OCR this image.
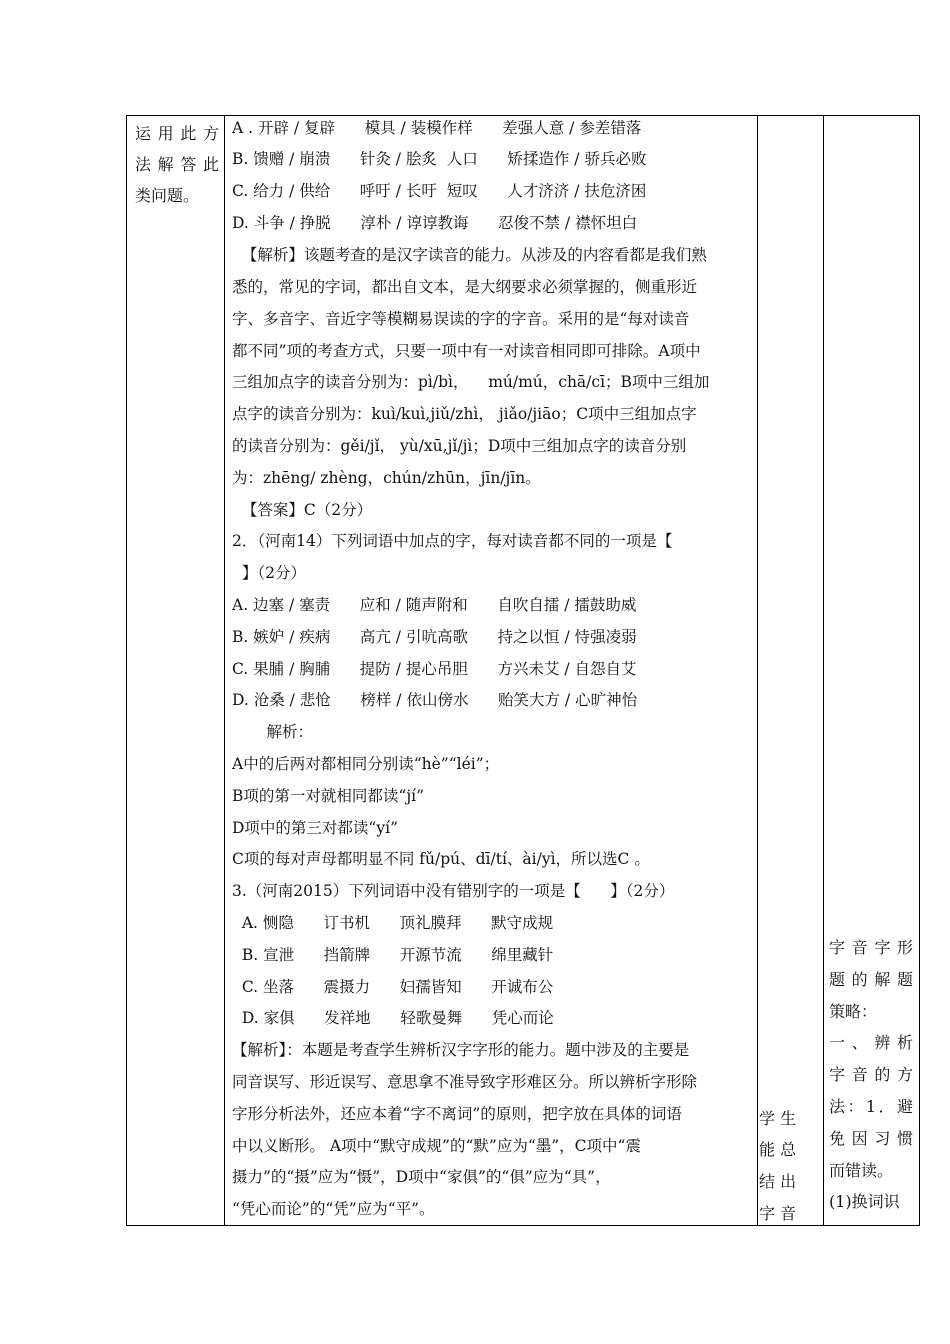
运用此方
法解答此
类问题。
A . 开辟 / 复辟      模具 / 装模作样      差强人意 / 参差错落
B. 馈赠 / 崩溃      针灸 / 脍炙  人口      矫揉造作 / 骄兵必败
C. 给力 / 供给      呼吁 / 长吁  短叹      人才济济 / 扶危济困
D. 斗争 / 挣脱      淳朴 / 谆谆教诲      忍俊不禁 / 襟怀坦白
【解析】该题考查的是汉字读音的能力。从涉及的内容看都是我们熟
悉的，常见的字词，都出自文本，是大纲要求必须掌握的，侧重形近
字、多音字、音近字等模糊易误读的字的字音。采用的是“每对读音
都不同”项的考查方式，只要一项中有一对读音相同即可排除。A项中
三组加点字的读音分别为：pì/bì，    mú/mú，chā/cī；B项中三组加
点字的读音分别为：kuì/kuì,jiǔ/zhì， jiǎo/jiāo；C项中三组加点字
的读音分别为：gěi/jǐ， yù/xū,jǐ/jì；D项中三组加点字的读音分别
为：zhēng/ zhèng，chún/zhūn，jīn/jīn。
【答案】C（2分）
2．（河南14）下列词语中加点的字，每对读音都不同的一项是【
】（2分）
A. 边塞 / 塞责      应和 / 随声附和      自吹自擂 / 擂鼓助威
B. 嫉妒 / 疾病      高亢 / 引吭高歌      持之以恒 / 恃强凌弱
C. 果脯 / 胸脯      提防 / 提心吊胆      方兴未艾 / 自怨自艾
D. 沧桑 / 悲怆      榜样 / 依山傍水      贻笑大方 / 心旷神怡
解析：
A中的后两对都相同分别读“hè”“léi”；
B项的第一对就相同都读“jí”
D项中的第三对都读“yí”
C项的每对声母都明显不同 fǔ/pú、dī/tí、ài/yì，所以选C 。
3.（河南2015）下列词语中没有错别字的一项是【      】（2分）
A. 恻隐      订书机      顶礼膜拜      默守成规
B. 宣泄      挡箭牌      开源节流      绵里藏针
C. 坐落      震摄力      妇孺皆知      开诚布公
D. 家俱      发祥地      轻歌曼舞      凭心而论
【解析】：本题是考查学生辨析汉字字形的能力。题中涉及的主要是
同音误写、形近误写、意思拿不准导致字形难区分。所以辨析字形除
字形分析法外，还应本着“字不离词”的原则，把字放在具体的词语
中以义断形。 A项中“默守成规”的“默”应为“墨”，C项中“震
摄力”的“摄”应为“慑”，D项中“家俱”的“俱”应为“具”，
“凭心而论”的“凭”应为“平”。
学 生
能 总
结 出
字 音
字音字形
题的解题
策略：
一、辨析
字音的方
法：1．避
免因习惯
而错读。
(1)换词识
